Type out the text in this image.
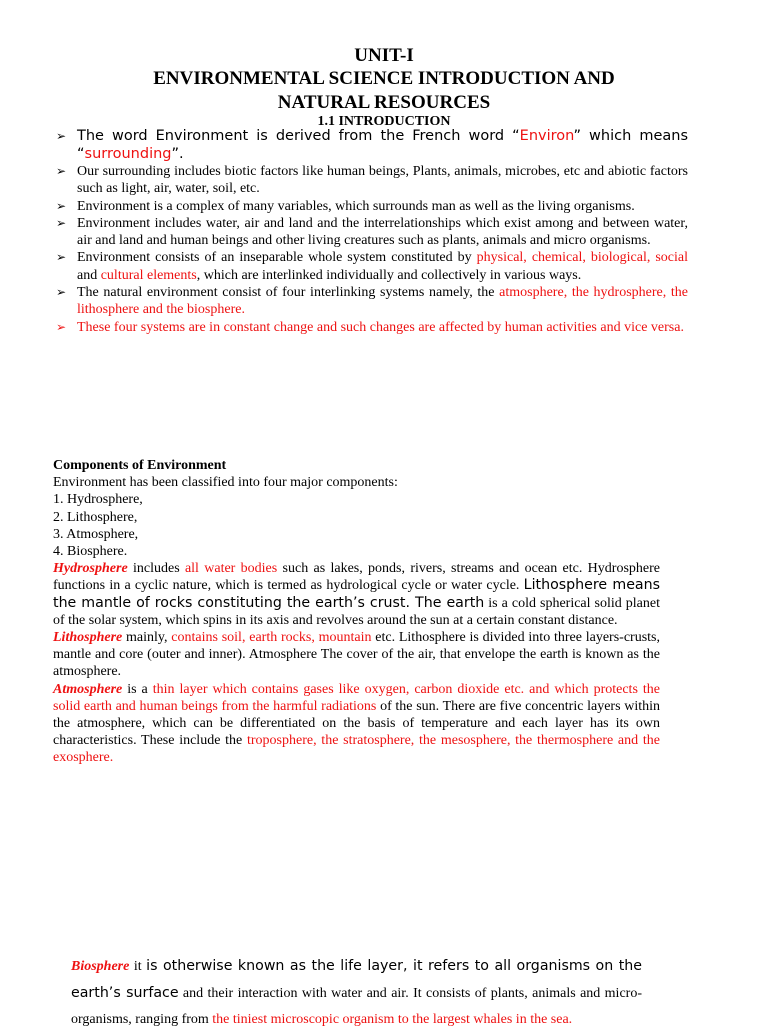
UNIT-I
ENVIRONMENTAL SCIENCE INTRODUCTION AND
NATURAL RESOURCES
1.1 INTRODUCTION
➢ The word Environment is derived from the French word “Environ” which means “surrounding”.
➢ Our surrounding includes biotic factors like human beings, Plants, animals, microbes, etc and abiotic factors such as light, air, water, soil, etc.
➢ Environment is a complex of many variables, which surrounds man as well as the living organisms.
➢ Environment includes water, air and land and the interrelationships which exist among and between water, air and land and human beings and other living creatures such as plants, animals and micro organisms.
➢ Environment consists of an inseparable whole system constituted by physical, chemical, biological, social and cultural elements, which are interlinked individually and collectively in various ways.
➢ The natural environment consist of four interlinking systems namely, the atmosphere, the hydrosphere, the lithosphere and the biosphere.
➢ These four systems are in constant change and such changes are affected by human activities and vice versa.

Components of Environment

Environment has been classified into four major components:

1. Hydrosphere,

2. Lithosphere,

3. Atmosphere,

4. Biosphere.

Hydrosphere includes all water bodies such as lakes, ponds, rivers, streams and ocean etc. Hydrosphere functions in a cyclic nature, which is termed as hydrological cycle or water cycle. Lithosphere means the mantle of rocks constituting the earth’s crust. The earth is a cold spherical solid planet of the solar system, which spins in its axis and revolves around the sun at a certain constant distance.

Lithosphere mainly, contains soil, earth rocks, mountain etc. Lithosphere is divided into three layers-crusts, mantle and core (outer and inner). Atmosphere The cover of the air, that envelope the earth is known as the atmosphere.

Atmosphere is a thin layer which contains gases like oxygen, carbon dioxide etc. and which protects the solid earth and human beings from the harmful radiations of the sun. There are five concentric layers within the atmosphere, which can be differentiated on the basis of temperature and each layer has its own characteristics. These include the troposphere, the stratosphere, the mesosphere, the thermosphere and the exosphere.

Biosphere it is otherwise known as the life layer, it refers to all organisms on the earth’s surface and their interaction with water and air. It consists of plants, animals and micro-organisms, ranging from the tiniest microscopic organism to the largest whales in the sea.
